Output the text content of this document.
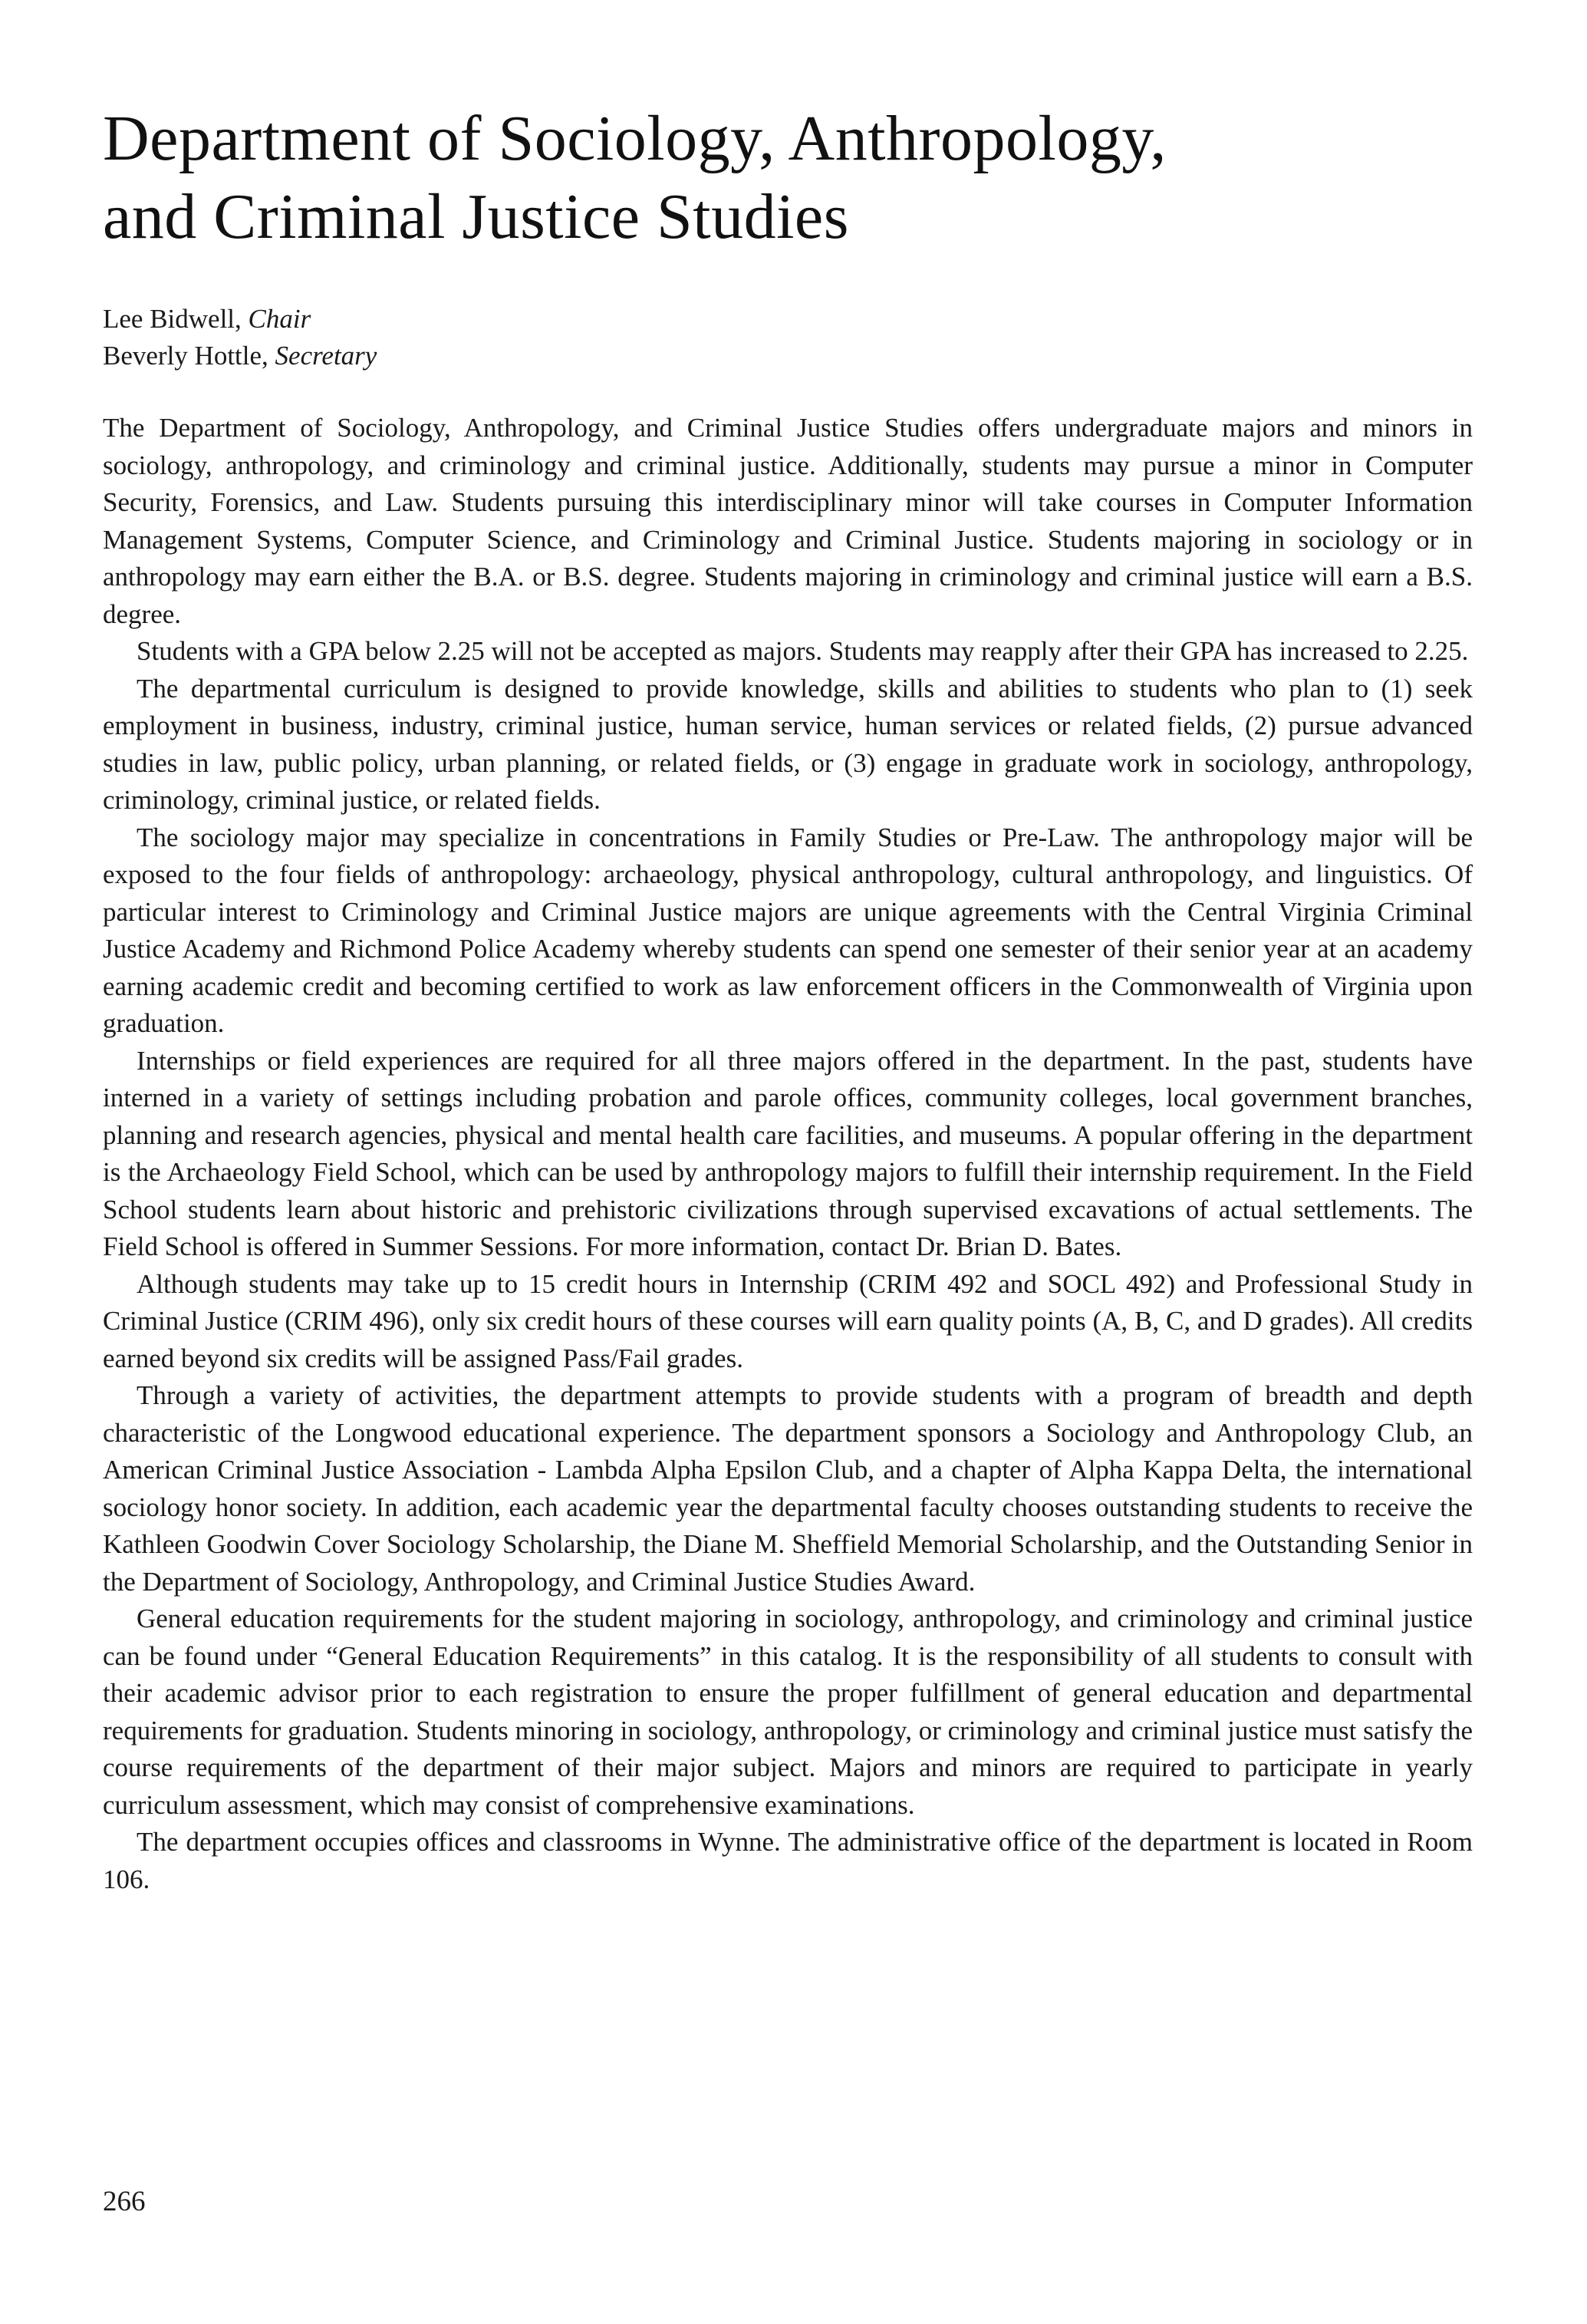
Department of Sociology, Anthropology,
and Criminal Justice Studies
Lee Bidwell, Chair
Beverly Hottle, Secretary

The Department of Sociology, Anthropology, and Criminal Justice Studies offers undergraduate majors and minors in sociology, anthropology, and criminology and criminal justice. Additionally, students may pursue a minor in Computer Security, Forensics, and Law. Students pursuing this interdisciplinary minor will take courses in Computer Information Management Systems, Computer Science, and Criminology and Criminal Justice. Students majoring in sociology or in anthropology may earn either the B.A. or B.S. degree. Students majoring in criminology and criminal justice will earn a B.S. degree.

Students with a GPA below 2.25 will not be accepted as majors. Students may reapply after their GPA has increased to 2.25.

The departmental curriculum is designed to provide knowledge, skills and abilities to students who plan to (1) seek employment in business, industry, criminal justice, human service, human services or related fields, (2) pursue advanced studies in law, public policy, urban planning, or related fields, or (3) engage in graduate work in sociology, anthropology, criminology, criminal justice, or related fields.

The sociology major may specialize in concentrations in Family Studies or Pre-Law. The anthropology major will be exposed to the four fields of anthropology: archaeology, physical anthropology, cultural anthropology, and linguistics. Of particular interest to Criminology and Criminal Justice majors are unique agreements with the Central Virginia Criminal Justice Academy and Richmond Police Academy whereby students can spend one semester of their senior year at an academy earning academic credit and becoming certified to work as law enforcement officers in the Commonwealth of Virginia upon graduation.

Internships or field experiences are required for all three majors offered in the department. In the past, students have interned in a variety of settings including probation and parole offices, community colleges, local government branches, planning and research agencies, physical and mental health care facilities, and museums. A popular offering in the department is the Archaeology Field School, which can be used by anthropology majors to fulfill their internship requirement. In the Field School students learn about historic and prehistoric civilizations through supervised excavations of actual settlements. The Field School is offered in Summer Sessions. For more information, contact Dr. Brian D. Bates.

Although students may take up to 15 credit hours in Internship (CRIM 492 and SOCL 492) and Professional Study in Criminal Justice (CRIM 496), only six credit hours of these courses will earn quality points (A, B, C, and D grades). All credits earned beyond six credits will be assigned Pass/Fail grades.

Through a variety of activities, the department attempts to provide students with a program of breadth and depth characteristic of the Longwood educational experience. The department sponsors a Sociology and Anthropology Club, an American Criminal Justice Association - Lambda Alpha Epsilon Club, and a chapter of Alpha Kappa Delta, the international sociology honor society. In addition, each academic year the departmental faculty chooses outstanding students to receive the Kathleen Goodwin Cover Sociology Scholarship, the Diane M. Sheffield Memorial Scholarship, and the Outstanding Senior in the Department of Sociology, Anthropology, and Criminal Justice Studies Award.

General education requirements for the student majoring in sociology, anthropology, and criminology and criminal justice can be found under “General Education Requirements” in this catalog. It is the responsibility of all students to consult with their academic advisor prior to each registration to ensure the proper fulfillment of general education and departmental requirements for graduation. Students minoring in sociology, anthropology, or criminology and criminal justice must satisfy the course requirements of the department of their major subject. Majors and minors are required to participate in yearly curriculum assessment, which may consist of comprehensive examinations.

The department occupies offices and classrooms in Wynne. The administrative office of the department is located in Room 106.

266
